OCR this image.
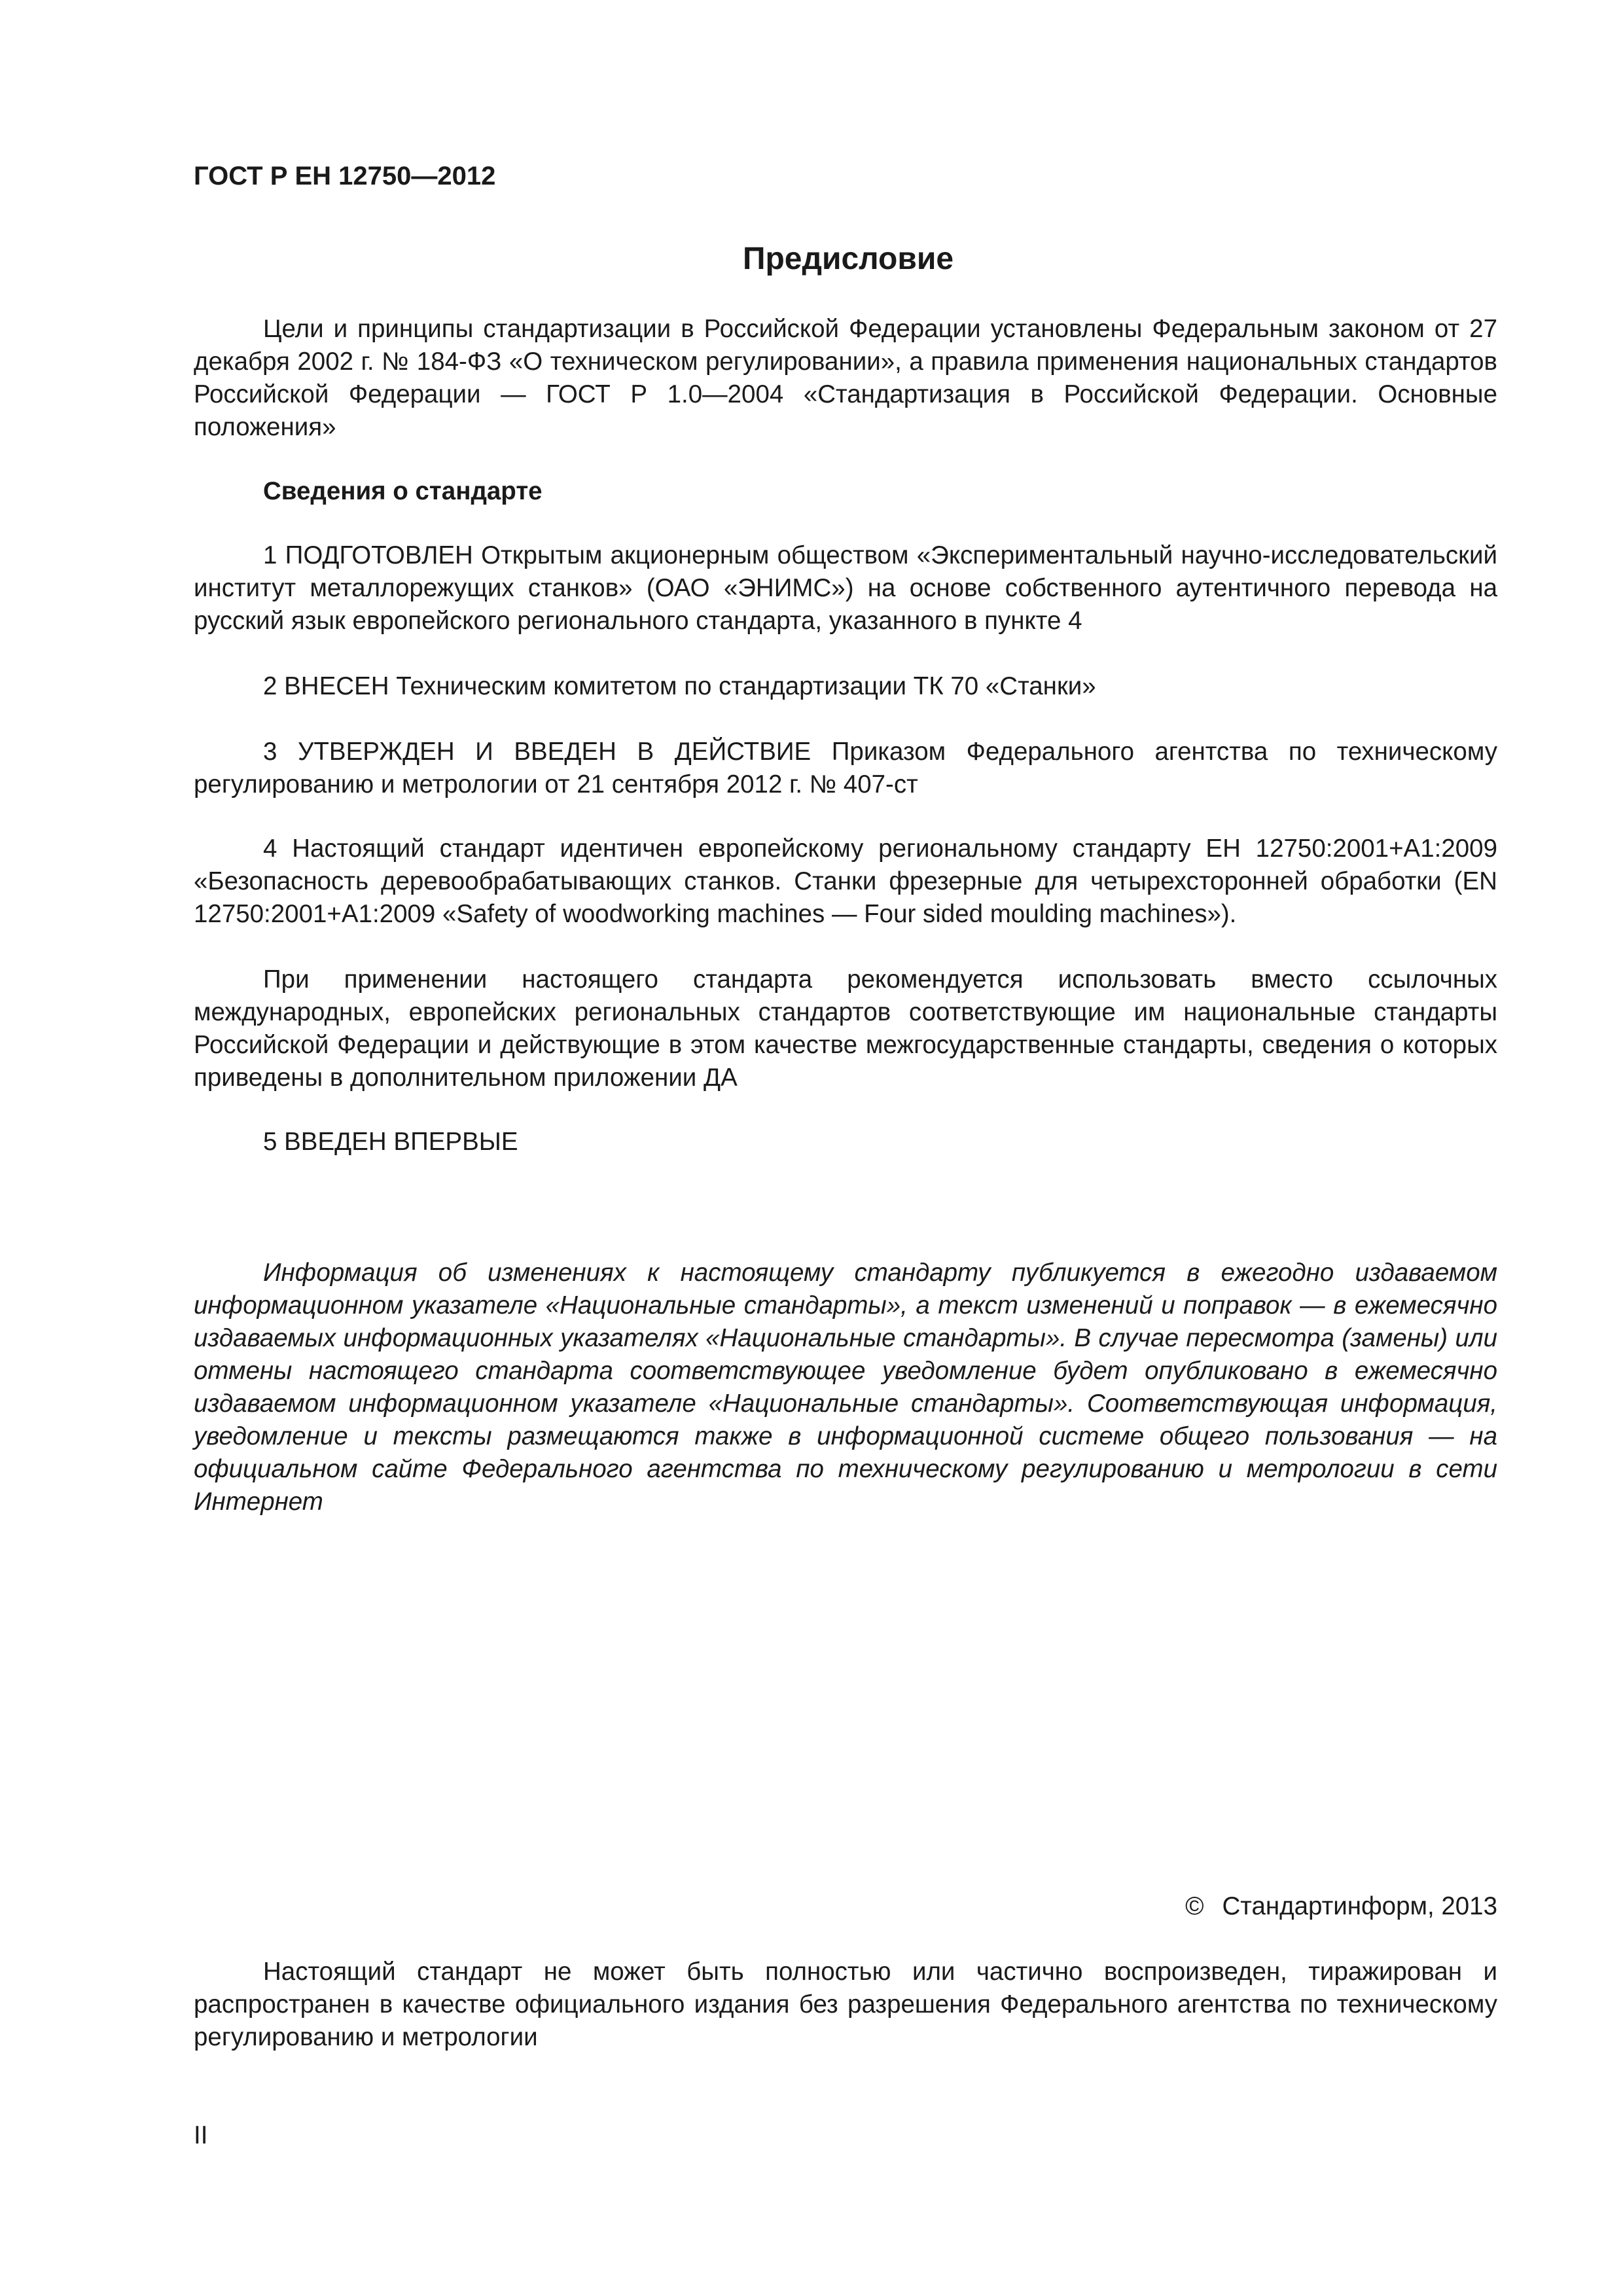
ГОСТ Р ЕН 12750—2012

Предисловие

Цели и принципы стандартизации в Российской Федерации установлены Федеральным законом от 27 декабря 2002 г. № 184-ФЗ «О техническом регулировании», а правила применения национальных стандартов Российской Федерации — ГОСТ Р 1.0—2004 «Стандартизация в Российской Федерации. Основные положения»

Сведения о стандарте

1 ПОДГОТОВЛЕН Открытым акционерным обществом «Экспериментальный научно-исследовательский институт металлорежущих станков» (ОАО «ЭНИМС») на основе собственного аутентичного перевода на русский язык европейского регионального стандарта, указанного в пункте 4

2 ВНЕСЕН Техническим комитетом по стандартизации ТК 70 «Станки»

3 УТВЕРЖДЕН И ВВЕДЕН В ДЕЙСТВИЕ Приказом Федерального агентства по техническому регулированию и метрологии от 21 сентября 2012 г. № 407-ст

4 Настоящий стандарт идентичен европейскому региональному стандарту ЕН 12750:2001+A1:2009 «Безопасность деревообрабатывающих станков. Станки фрезерные для четырехсторонней обработки (EN 12750:2001+A1:2009 «Safety of woodworking machines — Four sided moulding machines»).

При применении настоящего стандарта рекомендуется использовать вместо ссылочных международных, европейских региональных стандартов соответствующие им национальные стандарты Российской Федерации и действующие в этом качестве межгосударственные стандарты, сведения о которых приведены в дополнительном приложении ДА

5 ВВЕДЕН ВПЕРВЫЕ

Информация об изменениях к настоящему стандарту публикуется в ежегодно издаваемом информационном указателе «Национальные стандарты», а текст изменений и поправок — в ежемесячно издаваемых информационных указателях «Национальные стандарты». В случае пересмотра (замены) или отмены настоящего стандарта соответствующее уведомление будет опубликовано в ежемесячно издаваемом информационном указателе «Национальные стандарты». Соответствующая информация, уведомление и тексты размещаются также в информационной системе общего пользования — на официальном сайте Федерального агентства по техническому регулированию и метрологии в сети Интернет

© Стандартинформ, 2013

Настоящий стандарт не может быть полностью или частично воспроизведен, тиражирован и распространен в качестве официального издания без разрешения Федерального агентства по техническому регулированию и метрологии

II
